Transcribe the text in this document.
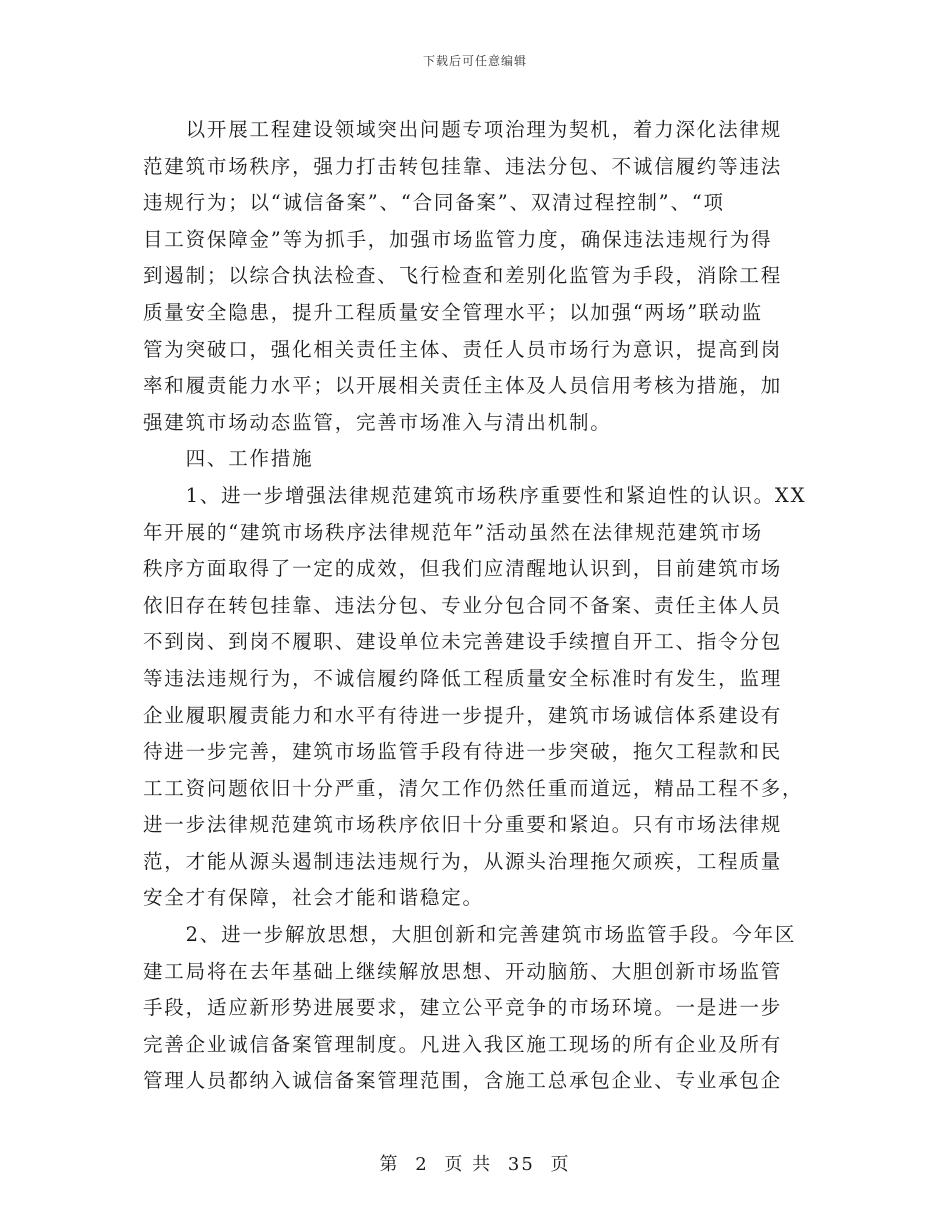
下载后可任意编辑
　　以开展工程建设领域突出问题专项治理为契机，着力深化法律规
范建筑市场秩序，强力打击转包挂靠、违法分包、不诚信履约等违法
违规行为；以“诚信备案”、“合同备案”、双清过程控制”、“项
目工资保障金”等为抓手，加强市场监管力度，确保违法违规行为得
到遏制；以综合执法检查、飞行检查和差别化监管为手段，消除工程
质量安全隐患，提升工程质量安全管理水平；以加强“两场”联动监
管为突破口，强化相关责任主体、责任人员市场行为意识，提高到岗
率和履责能力水平；以开展相关责任主体及人员信用考核为措施，加
强建筑市场动态监管，完善市场准入与清出机制。
　　四、工作措施
　　1、进一步增强法律规范建筑市场秩序重要性和紧迫性的认识。XX
年开展的“建筑市场秩序法律规范年”活动虽然在法律规范建筑市场
秩序方面取得了一定的成效，但我们应清醒地认识到，目前建筑市场
依旧存在转包挂靠、违法分包、专业分包合同不备案、责任主体人员
不到岗、到岗不履职、建设单位未完善建设手续擅自开工、指令分包
等违法违规行为，不诚信履约降低工程质量安全标准时有发生，监理
企业履职履责能力和水平有待进一步提升，建筑市场诚信体系建设有
待进一步完善，建筑市场监管手段有待进一步突破，拖欠工程款和民
工工资问题依旧十分严重，清欠工作仍然任重而道远，精品工程不多，
进一步法律规范建筑市场秩序依旧十分重要和紧迫。只有市场法律规
范，才能从源头遏制违法违规行为，从源头治理拖欠顽疾，工程质量
安全才有保障，社会才能和谐稳定。
　　2、进一步解放思想，大胆创新和完善建筑市场监管手段。今年区
建工局将在去年基础上继续解放思想、开动脑筋、大胆创新市场监管
手段，适应新形势进展要求，建立公平竞争的市场环境。一是进一步
完善企业诚信备案管理制度。凡进入我区施工现场的所有企业及所有
管理人员都纳入诚信备案管理范围，含施工总承包企业、专业承包企
第 2 页 共 35 页
